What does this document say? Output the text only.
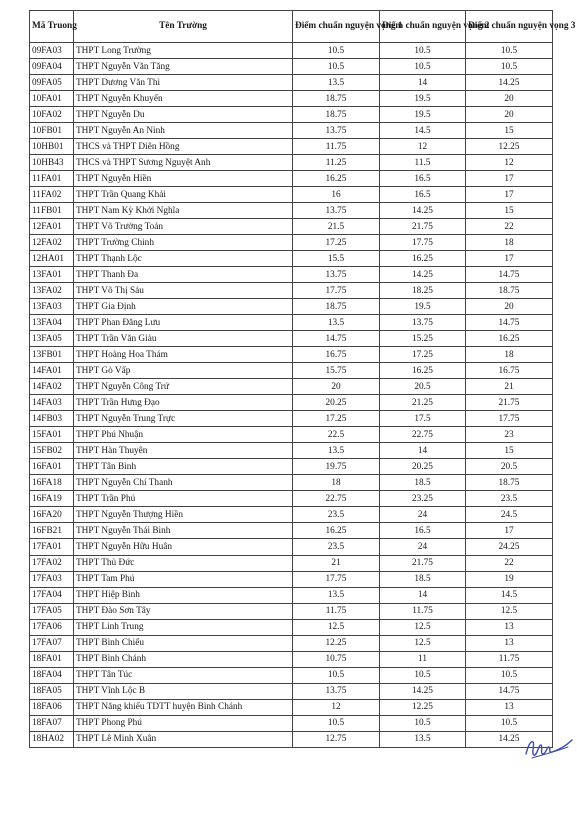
Mã Truong	Tên Trường	Điểm chuẩn nguyện vọng 1	Điểm chuẩn nguyện vọng 2	Điểm chuẩn nguyện vọng 3
09FA03	THPT Long Trường	10.5	10.5	10.5
09FA04	THPT Nguyễn Văn Tăng	10.5	10.5	10.5
09FA05	THPT Dương Văn Thì	13.5	14	14.25
10FA01	THPT Nguyễn Khuyến	18.75	19.5	20
10FA02	THPT Nguyễn Du	18.75	19.5	20
10FB01	THPT Nguyễn An Ninh	13.75	14.5	15
10HB01	THCS và THPT Diên Hồng	11.75	12	12.25
10HB43	THCS và THPT Sương Nguyệt Anh	11.25	11.5	12
11FA01	THPT Nguyễn Hiền	16.25	16.5	17
11FA02	THPT Trần Quang Khải	16	16.5	17
11FB01	THPT Nam Kỳ Khởi Nghĩa	13.75	14.25	15
12FA01	THPT Võ Trường Toản	21.5	21.75	22
12FA02	THPT Trường Chinh	17.25	17.75	18
12HA01	THPT Thạnh Lộc	15.5	16.25	17
13FA01	THPT Thanh Đa	13.75	14.25	14.75
13FA02	THPT Võ Thị Sáu	17.75	18.25	18.75
13FA03	THPT Gia Định	18.75	19.5	20
13FA04	THPT Phan Đăng Lưu	13.5	13.75	14.75
13FA05	THPT Trần Văn Giàu	14.75	15.25	16.25
13FB01	THPT Hoàng Hoa Thám	16.75	17.25	18
14FA01	THPT Gò Vấp	15.75	16.25	16.75
14FA02	THPT Nguyễn Công Trứ	20	20.5	21
14FA03	THPT Trần Hưng Đạo	20.25	21.25	21.75
14FB03	THPT Nguyễn Trung Trực	17.25	17.5	17.75
15FA01	THPT Phú Nhuận	22.5	22.75	23
15FB02	THPT Hàn Thuyên	13.5	14	15
16FA01	THPT Tân Bình	19.75	20.25	20.5
16FA18	THPT Nguyễn Chí Thanh	18	18.5	18.75
16FA19	THPT Trần Phú	22.75	23.25	23.5
16FA20	THPT Nguyễn Thượng Hiền	23.5	24	24.5
16FB21	THPT Nguyễn Thái Bình	16.25	16.5	17
17FA01	THPT Nguyễn Hữu Huân	23.5	24	24.25
17FA02	THPT Thủ Đức	21	21.75	22
17FA03	THPT Tam Phú	17.75	18.5	19
17FA04	THPT Hiệp Bình	13.5	14	14.5
17FA05	THPT Đào Sơn Tây	11.75	11.75	12.5
17FA06	THPT Linh Trung	12.5	12.5	13
17FA07	THPT Bình Chiểu	12.25	12.5	13
18FA01	THPT Bình Chánh	10.75	11	11.75
18FA04	THPT Tân Túc	10.5	10.5	10.5
18FA05	THPT Vĩnh Lộc B	13.75	14.25	14.75
18FA06	THPT Năng khiếu TDTT huyện Bình Chánh	12	12.25	13
18FA07	THPT Phong Phú	10.5	10.5	10.5
18HA02	THPT Lê Minh Xuân	12.75	13.5	14.25
